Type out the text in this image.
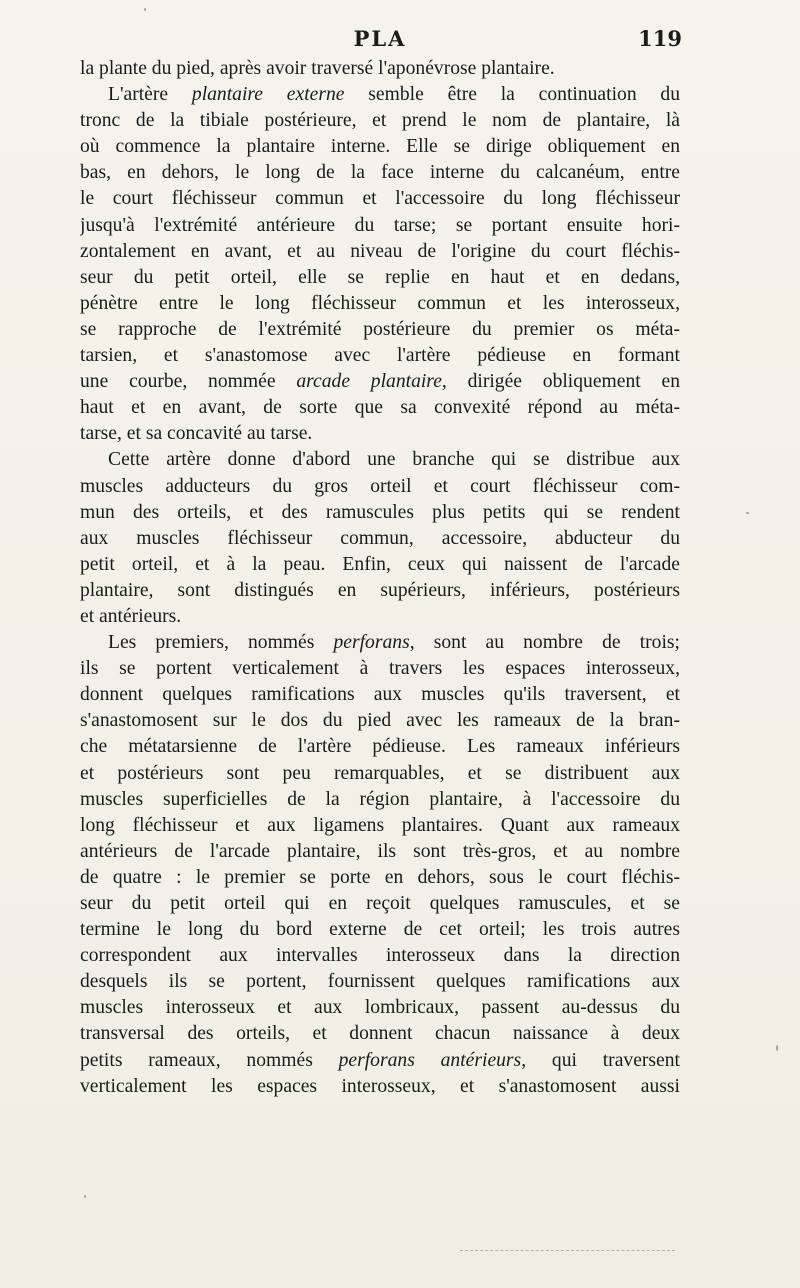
PLA	119
la plante du pied, après avoir traversé l'aponévrose plantaire.
L'artère plantaire externe semble être la continuation du
tronc de la tibiale postérieure, et prend le nom de plantaire, là
où commence la plantaire interne. Elle se dirige obliquement en
bas, en dehors, le long de la face interne du calcanéum, entre
le court fléchisseur commun et l'accessoire du long fléchisseur
jusqu'à l'extrémité antérieure du tarse; se portant ensuite hori-
zontalement en avant, et au niveau de l'origine du court fléchis-
seur du petit orteil, elle se replie en haut et en dedans,
pénètre entre le long fléchisseur commun et les interosseux,
se rapproche de l'extrémité postérieure du premier os méta-
tarsien, et s'anastomose avec l'artère pédieuse en formant
une courbe, nommée arcade plantaire, dirigée obliquement en
haut et en avant, de sorte que sa convexité répond au méta-
tarse, et sa concavité au tarse.
Cette artère donne d'abord une branche qui se distribue aux
muscles adducteurs du gros orteil et court fléchisseur com-
mun des orteils, et des ramuscules plus petits qui se rendent
aux muscles fléchisseur commun, accessoire, abducteur du
petit orteil, et à la peau. Enfin, ceux qui naissent de l'arcade
plantaire, sont distingués en supérieurs, inférieurs, postérieurs
et antérieurs.
Les premiers, nommés perforans, sont au nombre de trois;
ils se portent verticalement à travers les espaces interosseux,
donnent quelques ramifications aux muscles qu'ils traversent, et
s'anastomosent sur le dos du pied avec les rameaux de la bran-
che métatarsienne de l'artère pédieuse. Les rameaux inférieurs
et postérieurs sont peu remarquables, et se distribuent aux
muscles superficielles de la région plantaire, à l'accessoire du
long fléchisseur et aux ligamens plantaires. Quant aux rameaux
antérieurs de l'arcade plantaire, ils sont très-gros, et au nombre
de quatre : le premier se porte en dehors, sous le court fléchis-
seur du petit orteil qui en reçoit quelques ramuscules, et se
termine le long du bord externe de cet orteil; les trois autres
correspondent aux intervalles interosseux dans la direction
desquels ils se portent, fournissent quelques ramifications aux
muscles interosseux et aux lombricaux, passent au-dessus du
transversal des orteils, et donnent chacun naissance à deux
petits rameaux, nommés perforans antérieurs, qui traversent
verticalement les espaces interosseux, et s'anastomosent aussi
